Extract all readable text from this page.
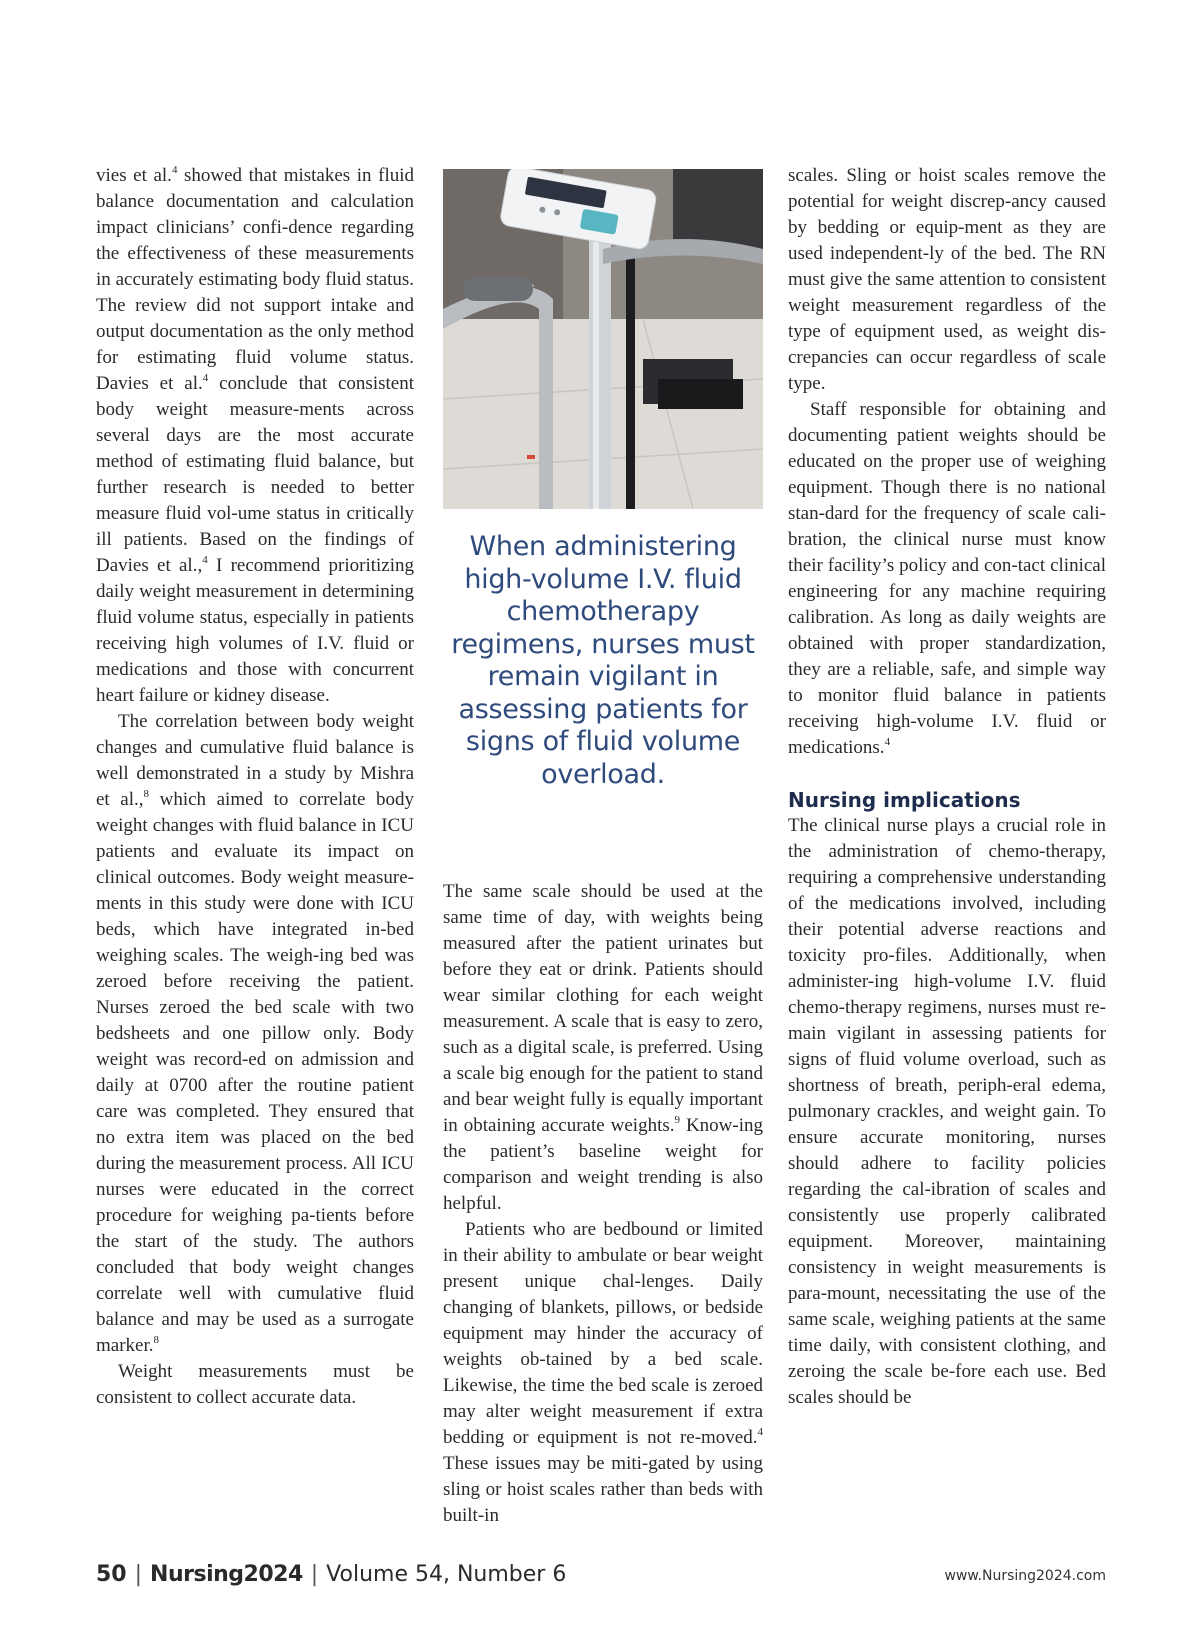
vies et al.$^4$ showed that mistakes in fluid balance documentation and calculation impact clinicians’ confi-dence regarding the effectiveness of these measurements in accurately estimating body fluid status. The review did not support intake and output documentation as the only method for estimating fluid volume status. Davies et al.$^4$ conclude that consistent body weight measure-ments across several days are the most accurate method of estimating fluid balance, but further research is needed to better measure fluid vol-ume status in critically ill patients. Based on the findings of Davies et al.,$^4$ I recommend prioritizing daily weight measurement in determining fluid volume status, especially in patients receiving high volumes of I.V. fluid or medications and those with concurrent heart failure or kidney disease.

The correlation between body weight changes and cumulative fluid balance is well demonstrated in a study by Mishra et al.,$^8$ which aimed to correlate body weight changes with fluid balance in ICU patients and evaluate its impact on clinical outcomes. Body weight measure-ments in this study were done with ICU beds, which have integrated in-bed weighing scales. The weigh-ing bed was zeroed before receiving the patient. Nurses zeroed the bed scale with two bedsheets and one pillow only. Body weight was record-ed on admission and daily at 0700 after the routine patient care was completed. They ensured that no extra item was placed on the bed during the measurement process. All ICU nurses were educated in the correct procedure for weighing pa-tients before the start of the study. The authors concluded that body weight changes correlate well with cumulative fluid balance and may be used as a surrogate marker.$^8$

Weight measurements must be consistent to collect accurate data.

When administering high-volume I.V. fluid chemotherapy regimens, nurses must remain vigilant in assessing patients for signs of fluid volume overload.

The same scale should be used at the same time of day, with weights being measured after the patient urinates but before they eat or drink. Patients should wear similar clothing for each weight measurement. A scale that is easy to zero, such as a digital scale, is preferred. Using a scale big enough for the patient to stand and bear weight fully is equally important in obtaining accurate weights.$^9$ Know-ing the patient’s baseline weight for comparison and weight trending is also helpful.

Patients who are bedbound or limited in their ability to ambulate or bear weight present unique chal-lenges. Daily changing of blankets, pillows, or bedside equipment may hinder the accuracy of weights ob-tained by a bed scale. Likewise, the time the bed scale is zeroed may alter weight measurement if extra bedding or equipment is not re-moved.$^4$ These issues may be miti-gated by using sling or hoist scales rather than beds with built-in

scales. Sling or hoist scales remove the potential for weight discrep-ancy caused by bedding or equip-ment as they are used independent-ly of the bed. The RN must give the same attention to consistent weight measurement regardless of the type of equipment used, as weight dis-crepancies can occur regardless of scale type.

Staff responsible for obtaining and documenting patient weights should be educated on the proper use of weighing equipment. Though there is no national stan-dard for the frequency of scale cali-bration, the clinical nurse must know their facility’s policy and con-tact clinical engineering for any machine requiring calibration. As long as daily weights are obtained with proper standardization, they are a reliable, safe, and simple way to monitor fluid balance in patients receiving high-volume I.V. fluid or medications.$^4$

Nursing implications

The clinical nurse plays a crucial role in the administration of chemo-therapy, requiring a comprehensive understanding of the medications involved, including their potential adverse reactions and toxicity pro-files. Additionally, when administer-ing high-volume I.V. fluid chemo-therapy regimens, nurses must re-main vigilant in assessing patients for signs of fluid volume overload, such as shortness of breath, periph-eral edema, pulmonary crackles, and weight gain. To ensure accurate monitoring, nurses should adhere to facility policies regarding the cal-ibration of scales and consistently use properly calibrated equipment. Moreover, maintaining consistency in weight measurements is para-mount, necessitating the use of the same scale, weighing patients at the same time daily, with consistent clothing, and zeroing the scale be-fore each use. Bed scales should be

50 | Nursing2024 | Volume 54, Number 6	www.Nursing2024.com
